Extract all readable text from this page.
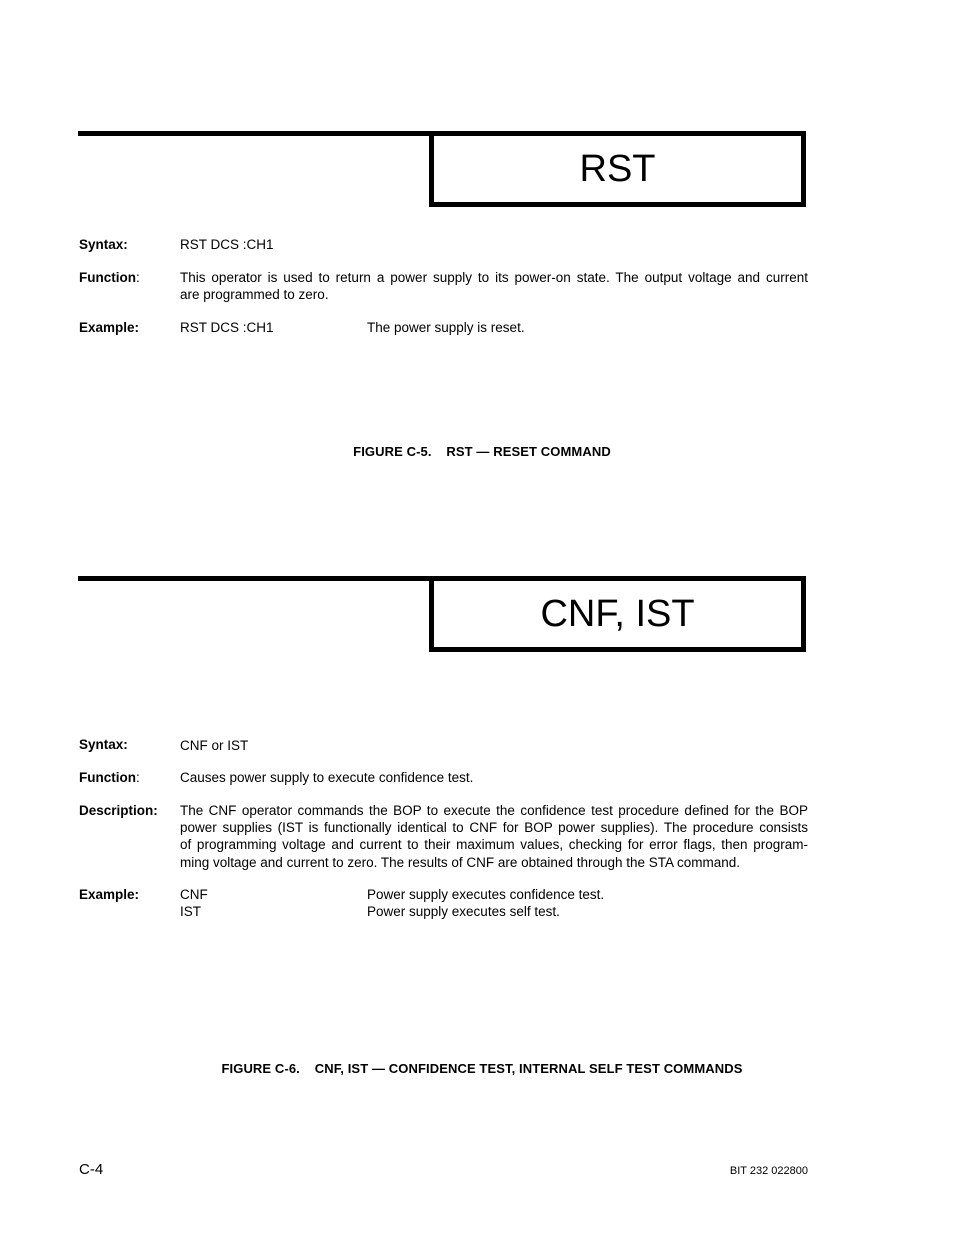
RST
Syntax:	RST DCS :CH1
Function:	This operator is used to return a power supply to its power-on state. The output voltage and current
are programmed to zero.
Example:	RST DCS :CH1	The power supply is reset.
FIGURE C-5.    RST — RESET COMMAND
CNF, IST
Syntax:	CNF or IST
Function:	Causes power supply to execute confidence test.
Description: The CNF operator commands the BOP to execute the confidence test procedure defined for the BOP
power supplies (IST is functionally identical to CNF for BOP power supplies). The procedure consists
of programming voltage and current to their maximum values, checking for error flags, then program-
ming voltage and current to zero. The results of CNF are obtained through the STA command.
Example:	CNF	Power supply executes confidence test.
IST	Power supply executes self test.
FIGURE C-6.    CNF, IST — CONFIDENCE TEST, INTERNAL SELF TEST COMMANDS
C-4	BIT 232 022800
